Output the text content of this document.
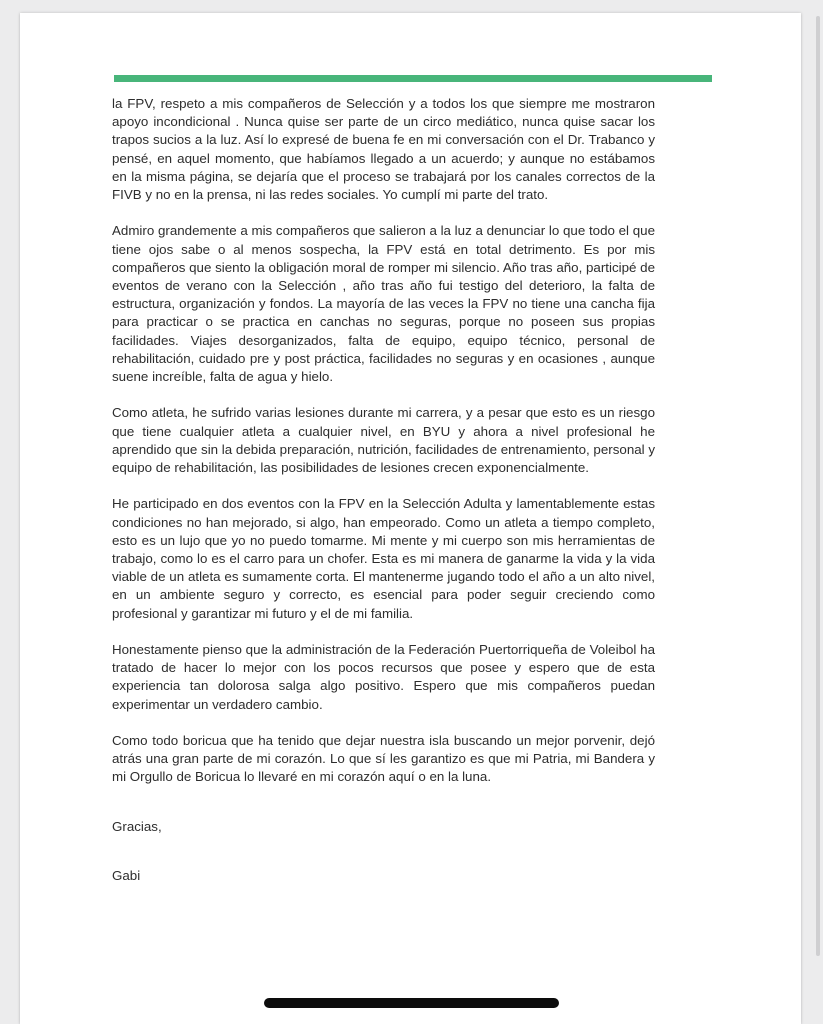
la FPV, respeto a mis compañeros de Selección y a todos los que siempre me mostraron apoyo incondicional . Nunca quise ser parte de un circo mediático, nunca quise sacar los trapos sucios a la luz. Así lo expresé de buena fe en mi conversación con el Dr. Trabanco y pensé, en aquel momento, que habíamos llegado a un acuerdo; y aunque no estábamos en la misma página, se dejaría que el proceso se trabajará por los canales correctos de la FIVB y no en la prensa, ni las redes sociales. Yo cumplí mi parte del trato.

Admiro grandemente a mis compañeros que salieron a la luz a denunciar lo que todo el que tiene ojos sabe o al menos sospecha, la FPV está en total detrimento. Es por mis compañeros que siento la obligación moral de romper mi silencio. Año tras año, participé de eventos de verano con la Selección , año tras año fui testigo del deterioro, la falta de estructura, organización y fondos. La mayoría de las veces la FPV no tiene una cancha fija para practicar o se practica en canchas no seguras, porque no poseen sus propias facilidades. Viajes desorganizados, falta de equipo, equipo técnico, personal de rehabilitación, cuidado pre y post práctica, facilidades no seguras y en ocasiones , aunque suene increíble, falta de agua y hielo.

Como atleta, he sufrido varias lesiones durante mi carrera, y a pesar que esto es un riesgo que tiene cualquier atleta a cualquier nivel, en BYU y ahora a nivel profesional he aprendido que sin la debida preparación, nutrición, facilidades de entrenamiento, personal y equipo de rehabilitación, las posibilidades de lesiones crecen exponencialmente.

He participado en dos eventos con la FPV en la Selección Adulta y lamentablemente estas condiciones no han mejorado, si algo, han empeorado. Como un atleta a tiempo completo, esto es un lujo que yo no puedo tomarme. Mi mente y mi cuerpo son mis herramientas de trabajo, como lo es el carro para un chofer. Esta es mi manera de ganarme la vida y la vida viable de un atleta es sumamente corta. El mantenerme jugando todo el año a un alto nivel, en un ambiente seguro y correcto, es esencial para poder seguir creciendo como profesional y garantizar mi futuro y el de mi familia.

Honestamente pienso que la administración de la Federación Puertorriqueña de Voleibol ha tratado de hacer lo mejor con los pocos recursos que posee y espero que de esta experiencia tan dolorosa salga algo positivo. Espero que mis compañeros puedan experimentar un verdadero cambio.

Como todo boricua que ha tenido que dejar nuestra isla buscando un mejor porvenir, dejó atrás una gran parte de mi corazón. Lo que sí les garantizo es que mi Patria, mi Bandera y mi Orgullo de Boricua lo llevaré en mi corazón aquí o en la luna.

Gracias,

Gabi
